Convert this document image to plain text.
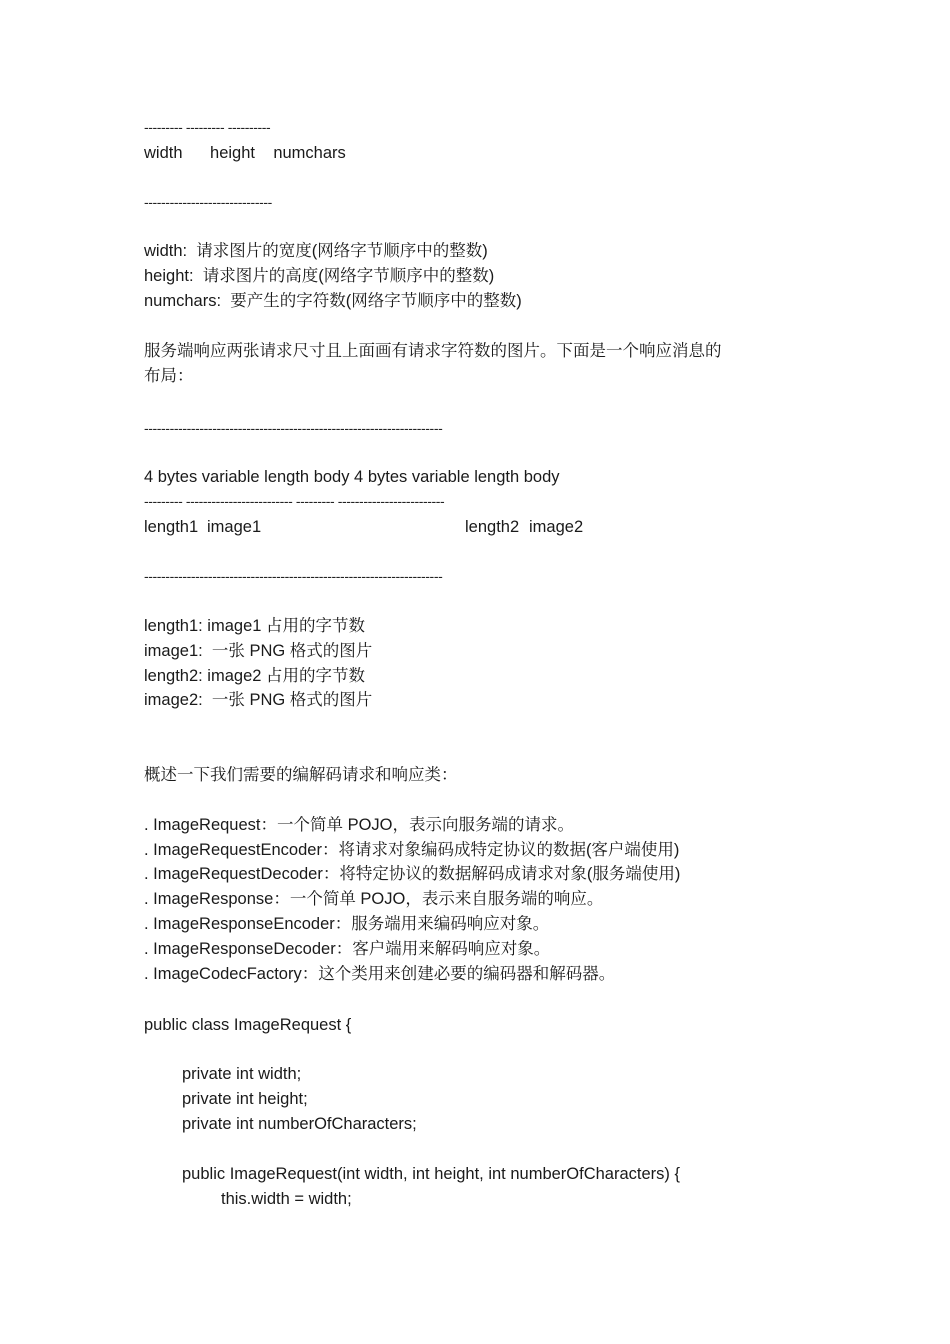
--------- --------- ----------
width      height    numchars
------------------------------
width:  请求图片的宽度(网络字节顺序中的整数)
height:  请求图片的高度(网络字节顺序中的整数)
numchars:  要产生的字符数(网络字节顺序中的整数)
服务端响应两张请求尺寸且上面画有请求字符数的图片。下面是一个响应消息的
布局：
----------------------------------------------------------------------
4 bytes variable length body 4 bytes variable length body
--------- ------------------------- --------- -------------------------
length1 image1	length2 image2
----------------------------------------------------------------------
length1: image1 占用的字节数
image1:  一张 PNG 格式的图片
length2: image2 占用的字节数
image2:  一张 PNG 格式的图片
概述一下我们需要的编解码请求和响应类：
. ImageRequest：一个简单 POJO，表示向服务端的请求。
. ImageRequestEncoder：将请求对象编码成特定协议的数据(客户端使用)
. ImageRequestDecoder：将特定协议的数据解码成请求对象(服务端使用)
. ImageResponse：一个简单 POJO，表示来自服务端的响应。
. ImageResponseEncoder：服务端用来编码响应对象。
. ImageResponseDecoder：客户端用来解码响应对象。
. ImageCodecFactory：这个类用来创建必要的编码器和解码器。
public class ImageRequest {
private int width;
private int height;
private int numberOfCharacters;
public ImageRequest(int width, int height, int numberOfCharacters) {
this.width = width;
